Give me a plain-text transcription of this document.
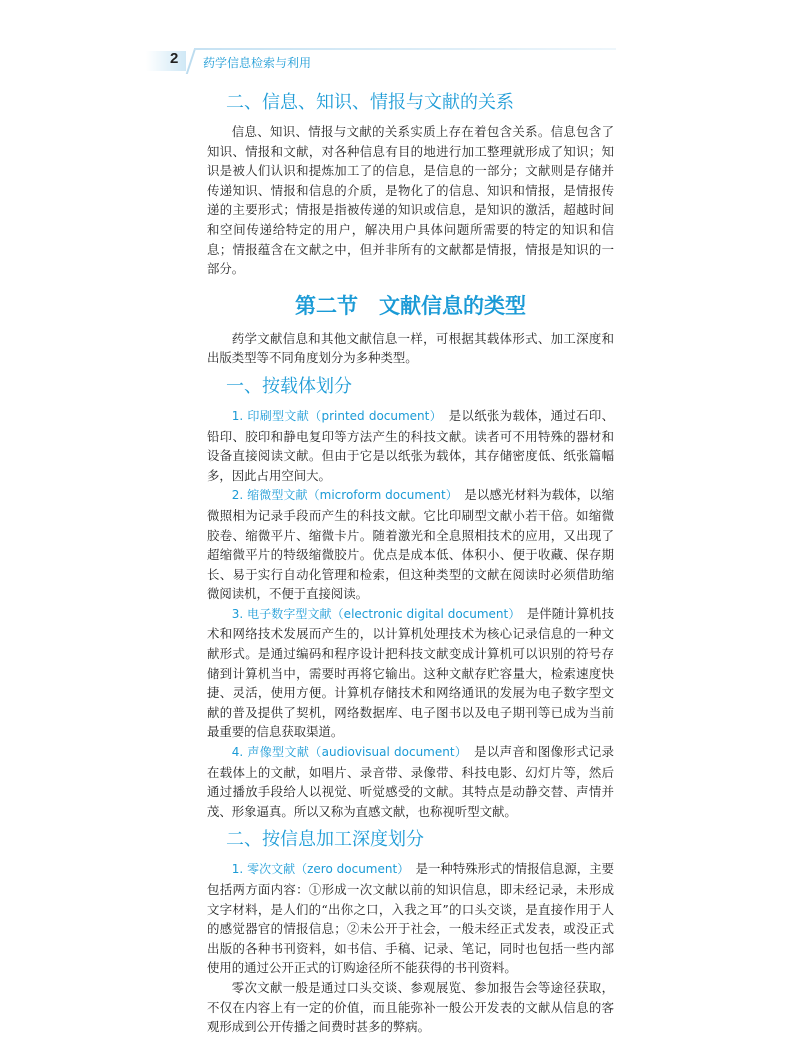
2 药学信息检索与利用
二、信息、知识、情报与文献的关系

信息、知识、情报与文献的关系实质上存在着包含关系。信息包含了知识、情报和文献，对各种信息有目的地进行加工整理就形成了知识；知识是被人们认识和提炼加工了的信息，是信息的一部分；文献则是存储并传递知识、情报和信息的介质，是物化了的信息、知识和情报，是情报传递的主要形式；情报是指被传递的知识或信息，是知识的激活，超越时间和空间传递给特定的用户，解决用户具体问题所需要的特定的知识和信息；情报蕴含在文献之中，但并非所有的文献都是情报，情报是知识的一部分。

第二节　文献信息的类型

药学文献信息和其他文献信息一样，可根据其载体形式、加工深度和出版类型等不同角度划分为多种类型。

一、按载体划分

1. 印刷型文献（printed document）　是以纸张为载体，通过石印、铅印、胶印和静电复印等方法产生的科技文献。读者可不用特殊的器材和设备直接阅读文献。但由于它是以纸张为载体，其存储密度低、纸张篇幅多，因此占用空间大。

2. 缩微型文献（microform document）　是以感光材料为载体，以缩微照相为记录手段而产生的科技文献。它比印刷型文献小若干倍。如缩微胶卷、缩微平片、缩微卡片。随着激光和全息照相技术的应用，又出现了超缩微平片的特级缩微胶片。优点是成本低、体积小、便于收藏、保存期长、易于实行自动化管理和检索，但这种类型的文献在阅读时必须借助缩微阅读机，不便于直接阅读。

3. 电子数字型文献（electronic digital document）　是伴随计算机技术和网络技术发展而产生的，以计算机处理技术为核心记录信息的一种文献形式。是通过编码和程序设计把科技文献变成计算机可以识别的符号存储到计算机当中，需要时再将它输出。这种文献存贮容量大，检索速度快捷、灵活，使用方便。计算机存储技术和网络通讯的发展为电子数字型文献的普及提供了契机，网络数据库、电子图书以及电子期刊等已成为当前最重要的信息获取渠道。

4. 声像型文献（audiovisual document）　是以声音和图像形式记录在载体上的文献，如唱片、录音带、录像带、科技电影、幻灯片等，然后通过播放手段给人以视觉、听觉感受的文献。其特点是动静交替、声情并茂、形象逼真。所以又称为直感文献，也称视听型文献。

二、按信息加工深度划分

1. 零次文献（zero document）　是一种特殊形式的情报信息源，主要包括两方面内容：①形成一次文献以前的知识信息，即未经记录，未形成文字材料，是人们的“出你之口，入我之耳”的口头交谈，是直接作用于人的感觉器官的情报信息；②未公开于社会，一般未经正式发表，或没正式出版的各种书刊资料，如书信、手稿、记录、笔记，同时也包括一些内部使用的通过公开正式的订购途径所不能获得的书刊资料。

零次文献一般是通过口头交谈、参观展览、参加报告会等途径获取，不仅在内容上有一定的价值，而且能弥补一般公开发表的文献从信息的客观形成到公开传播之间费时甚多的弊病。
